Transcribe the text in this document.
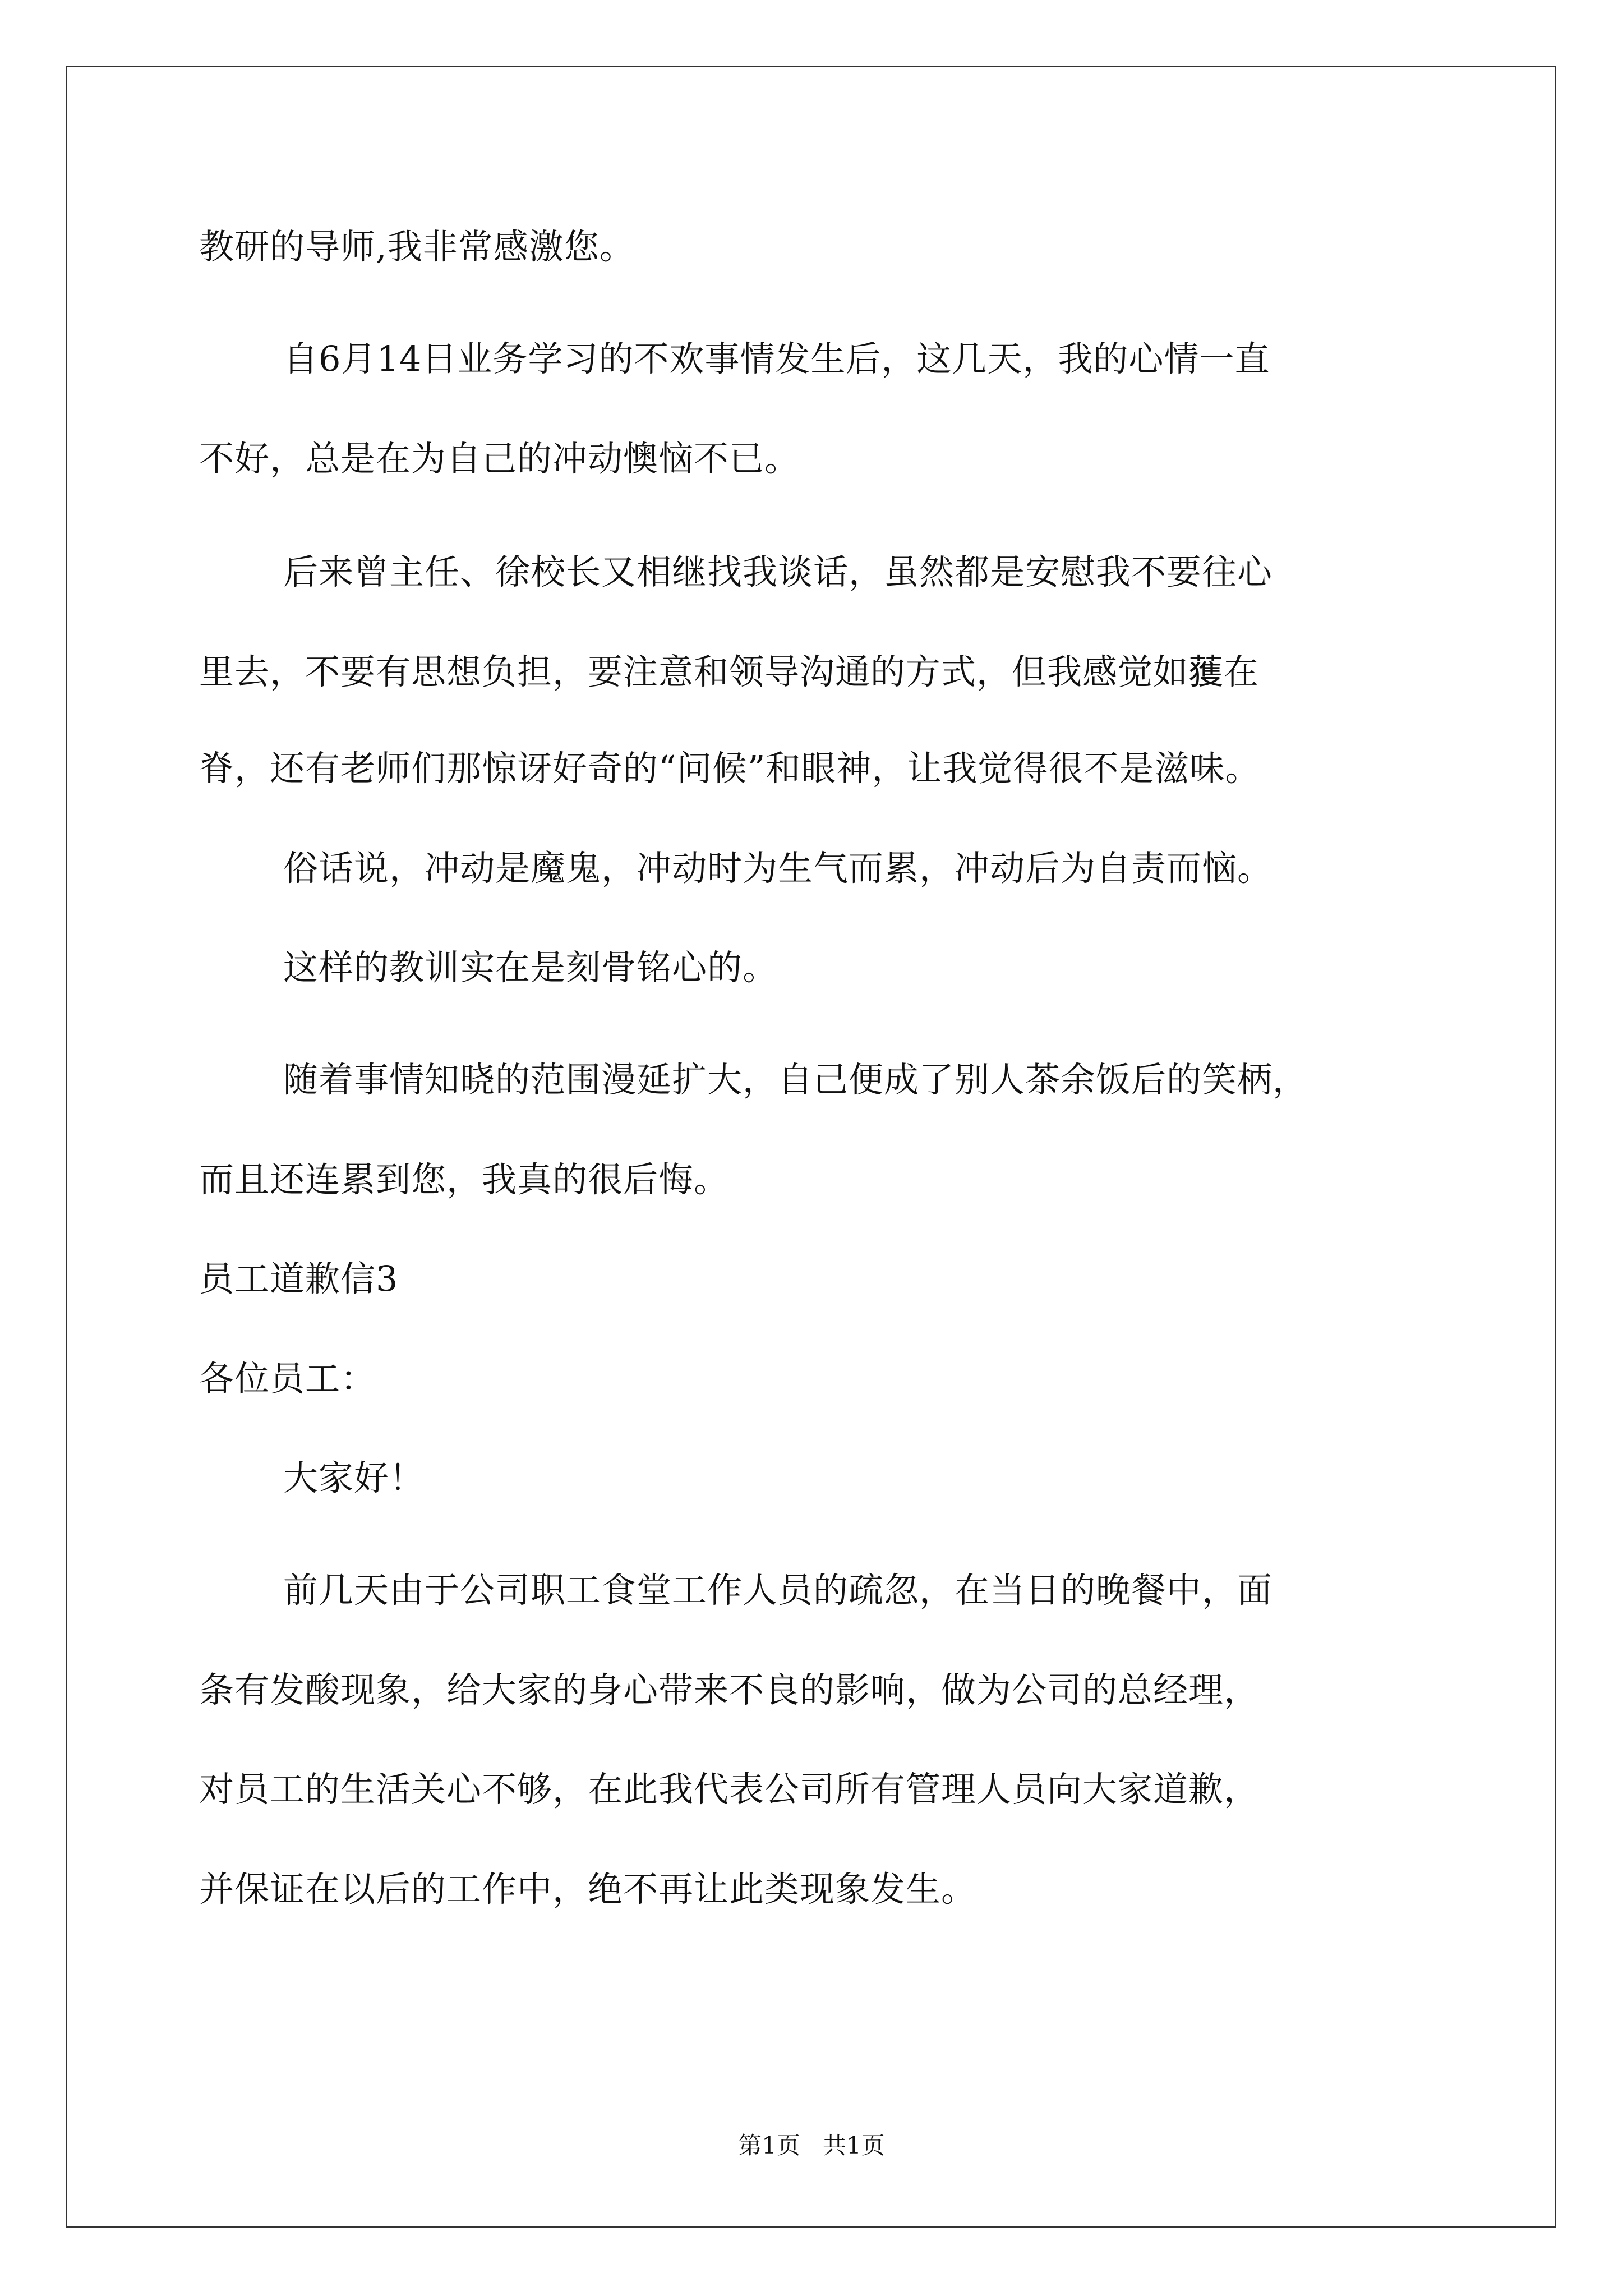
教研的导师,我非常感激您。
自6月14日业务学习的不欢事情发生后，这几天，我的心情一直
不好，总是在为自己的冲动懊恼不已。
后来曾主任、徐校长又相继找我谈话，虽然都是安慰我不要往心
里去，不要有思想负担，要注意和领导沟通的方式，但我感觉如𫉬在
脊，还有老师们那惊讶好奇的“问候”和眼神，让我觉得很不是滋味。
俗话说，冲动是魔鬼，冲动时为生气而累，冲动后为自责而恼。
这样的教训实在是刻骨铭心的。
随着事情知晓的范围漫延扩大，自己便成了别人茶余饭后的笑柄，
而且还连累到您，我真的很后悔。
员工道歉信3
各位员工：
大家好！
前几天由于公司职工食堂工作人员的疏忽，在当日的晚餐中，面
条有发酸现象，给大家的身心带来不良的影响，做为公司的总经理，
对员工的生活关心不够，在此我代表公司所有管理人员向大家道歉，
并保证在以后的工作中，绝不再让此类现象发生。
第1页   共1页
